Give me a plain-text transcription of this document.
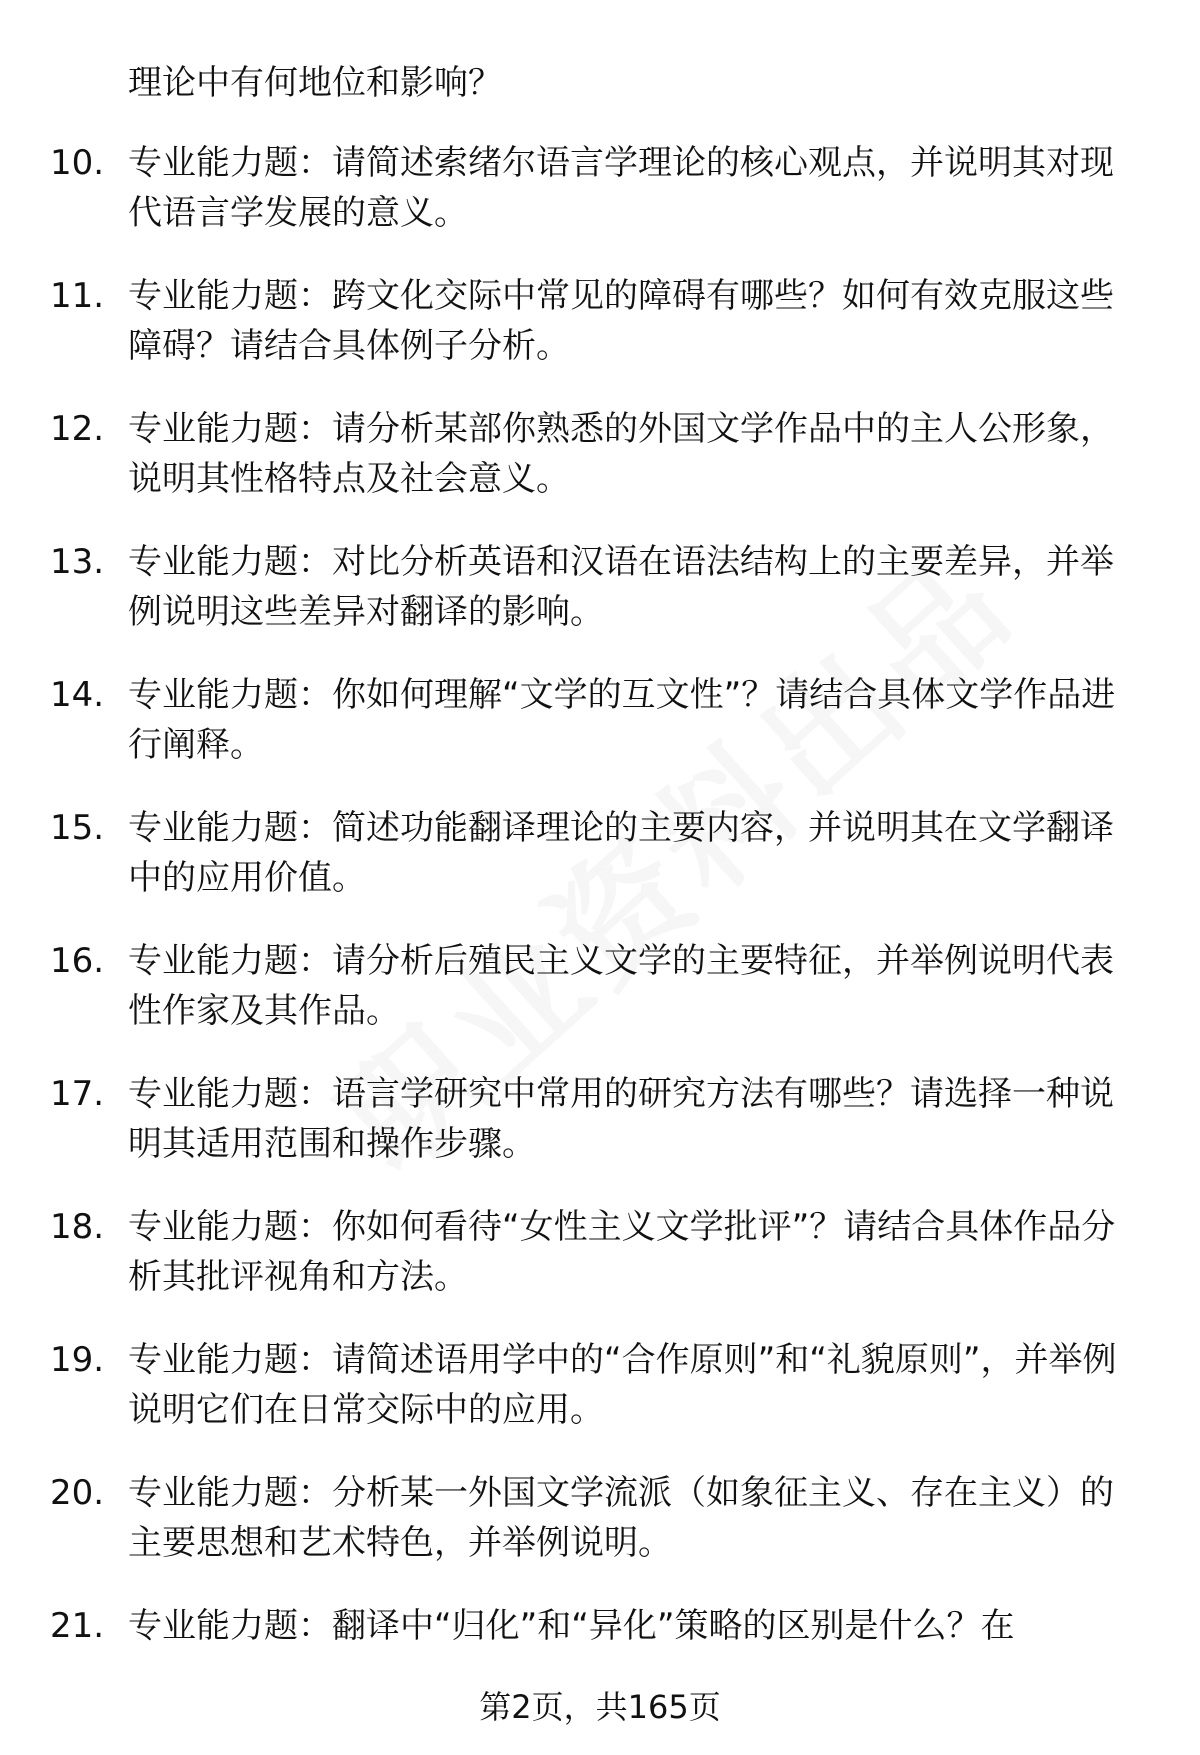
理论中有何地位和影响？
10. 专业能力题：请简述索绪尔语言学理论的核心观点，并说明其对现代语言学发展的意义。
11. 专业能力题：跨文化交际中常见的障碍有哪些？如何有效克服这些障碍？请结合具体例子分析。
12. 专业能力题：请分析某部你熟悉的外国文学作品中的主人公形象，说明其性格特点及社会意义。
13. 专业能力题：对比分析英语和汉语在语法结构上的主要差异，并举例说明这些差异对翻译的影响。
14. 专业能力题：你如何理解“文学的互文性”？请结合具体文学作品进行阐释。
15. 专业能力题：简述功能翻译理论的主要内容，并说明其在文学翻译中的应用价值。
16. 专业能力题：请分析后殖民主义文学的主要特征，并举例说明代表性作家及其作品。
17. 专业能力题：语言学研究中常用的研究方法有哪些？请选择一种说明其适用范围和操作步骤。
18. 专业能力题：你如何看待“女性主义文学批评”？请结合具体作品分析其批评视角和方法。
19. 专业能力题：请简述语用学中的“合作原则”和“礼貌原则”，并举例说明它们在日常交际中的应用。
20. 专业能力题：分析某一外国文学流派（如象征主义、存在主义）的主要思想和艺术特色，并举例说明。
21. 专业能力题：翻译中“归化”和“异化”策略的区别是什么？在
第2页，共165页
